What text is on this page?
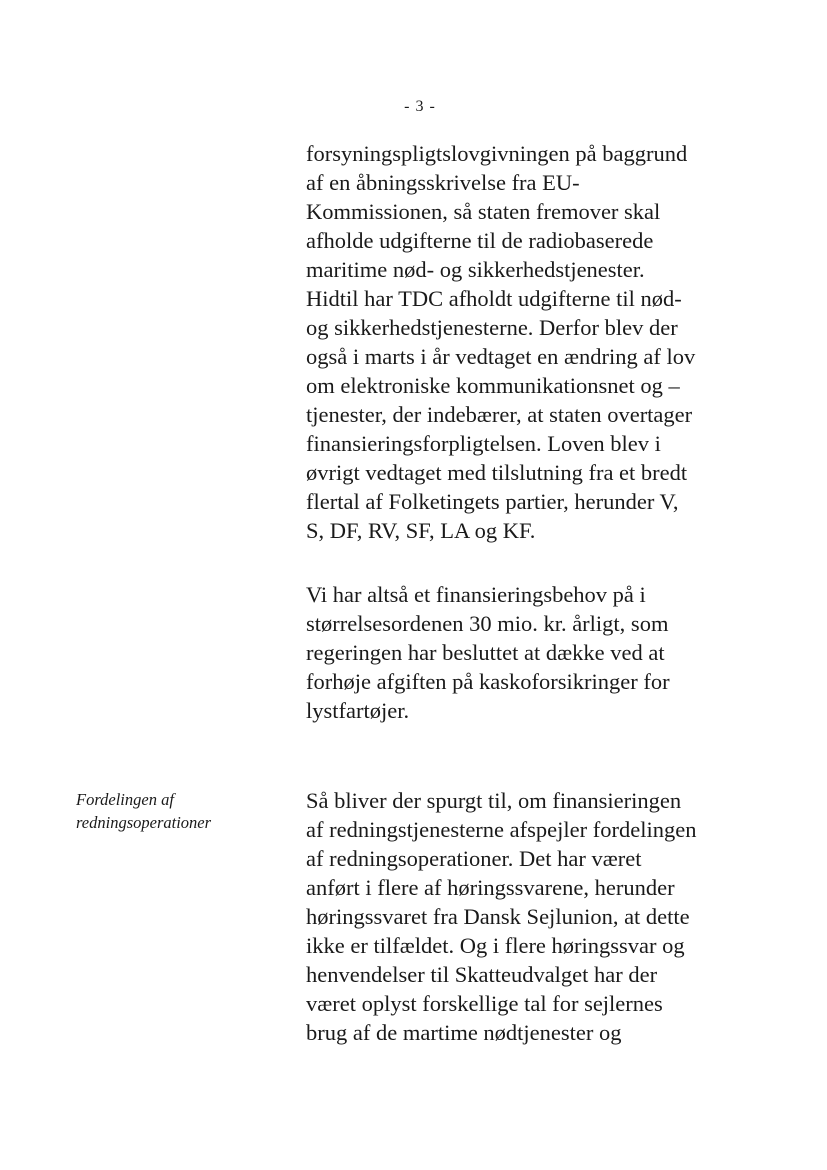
- 3 -
Fordelingen af
redningsoperationer
forsyningspligtslovgivningen på baggrund
af en åbningsskrivelse fra EU-
Kommissionen, så staten fremover skal
afholde udgifterne til de radiobaserede
maritime nød- og sikkerhedstjenester.
Hidtil har TDC afholdt udgifterne til nød-
og sikkerhedstjenesterne. Derfor blev der
også i marts i år vedtaget en ændring af lov
om elektroniske kommunikationsnet og –
tjenester, der indebærer, at staten overtager
finansieringsforpligtelsen. Loven blev i
øvrigt vedtaget med tilslutning fra et bredt
flertal af Folketingets partier, herunder V,
S, DF, RV, SF, LA og KF.
Vi har altså et finansieringsbehov på i
størrelsesordenen 30 mio. kr. årligt, som
regeringen har besluttet at dække ved at
forhøje afgiften på kaskoforsikringer for
lystfartøjer.
Så bliver der spurgt til, om finansieringen
af redningstjenesterne afspejler fordelingen
af redningsoperationer. Det har været
anført i flere af høringssvarene, herunder
høringssvaret fra Dansk Sejlunion, at dette
ikke er tilfældet. Og i flere høringssvar og
henvendelser til Skatteudvalget har der
været oplyst forskellige tal for sejlernes
brug af de martime nødtjenester og
